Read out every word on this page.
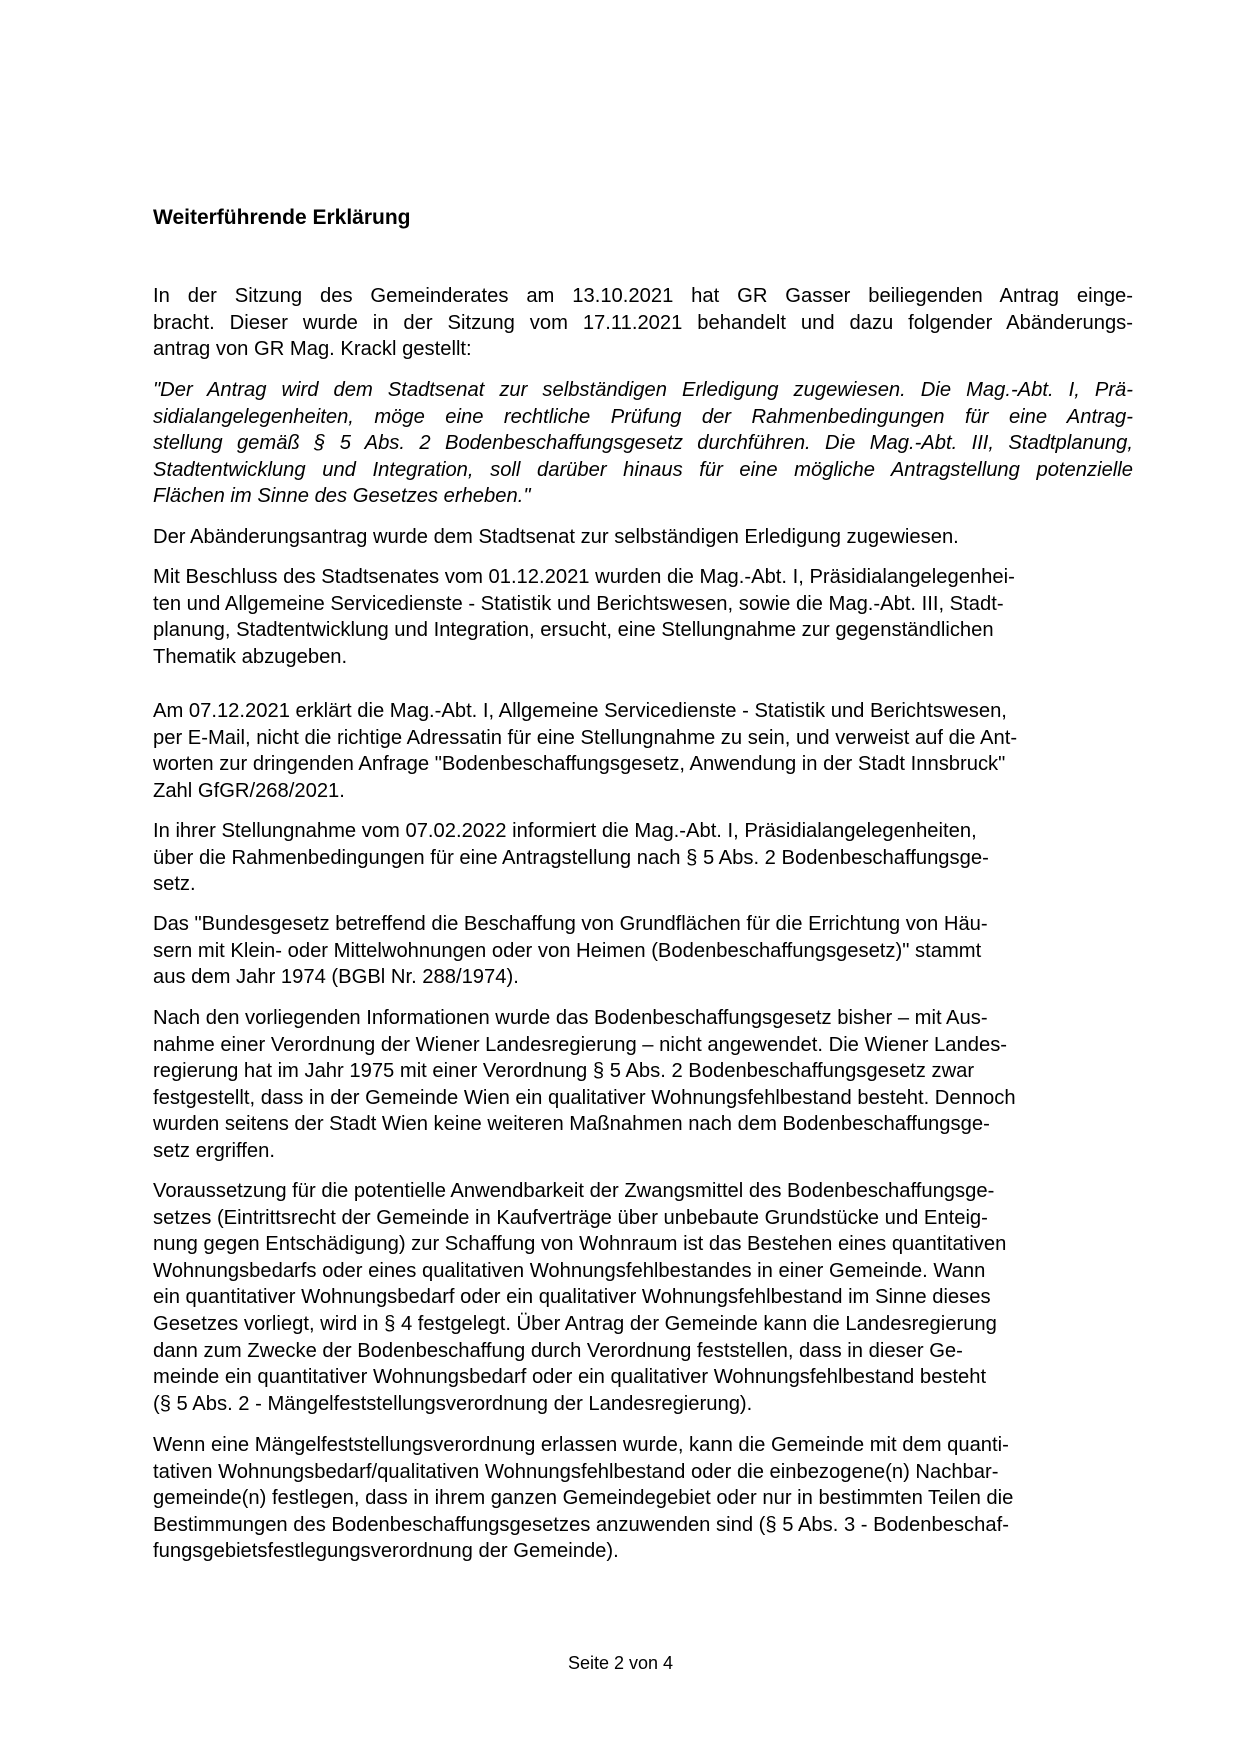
Weiterführende Erklärung
In der Sitzung des Gemeinderates am 13.10.2021 hat GR Gasser beiliegenden Antrag einge-
bracht. Dieser wurde in der Sitzung vom 17.11.2021 behandelt und dazu folgender Abänderungs-
antrag von GR Mag. Krackl gestellt:
"Der Antrag wird dem Stadtsenat zur selbständigen Erledigung zugewiesen. Die Mag.-Abt. I, Prä-
sidialangelegenheiten, möge eine rechtliche Prüfung der Rahmenbedingungen für eine Antrag-
stellung gemäß § 5 Abs. 2 Bodenbeschaffungsgesetz durchführen. Die Mag.-Abt. III, Stadtplanung,
Stadtentwicklung und Integration, soll darüber hinaus für eine mögliche Antragstellung potenzielle
Flächen im Sinne des Gesetzes erheben."
Der Abänderungsantrag wurde dem Stadtsenat zur selbständigen Erledigung zugewiesen.
Mit Beschluss des Stadtsenates vom 01.12.2021 wurden die Mag.-Abt. I, Präsidialangelegenhei-
ten und Allgemeine Servicedienste - Statistik und Berichtswesen, sowie die Mag.-Abt. III, Stadt-
planung, Stadtentwicklung und Integration, ersucht, eine Stellungnahme zur gegenständlichen
Thematik abzugeben.
Am 07.12.2021 erklärt die Mag.-Abt. I, Allgemeine Servicedienste - Statistik und Berichtswesen,
per E-Mail, nicht die richtige Adressatin für eine Stellungnahme zu sein, und verweist auf die Ant-
worten zur dringenden Anfrage "Bodenbeschaffungsgesetz, Anwendung in der Stadt Innsbruck"
Zahl GfGR/268/2021.
In ihrer Stellungnahme vom 07.02.2022 informiert die Mag.-Abt. I, Präsidialangelegenheiten,
über die Rahmenbedingungen für eine Antragstellung nach § 5 Abs. 2 Bodenbeschaffungsge-
setz.
Das "Bundesgesetz betreffend die Beschaffung von Grundflächen für die Errichtung von Häu-
sern mit Klein- oder Mittelwohnungen oder von Heimen (Bodenbeschaffungsgesetz)" stammt
aus dem Jahr 1974 (BGBl Nr. 288/1974).
Nach den vorliegenden Informationen wurde das Bodenbeschaffungsgesetz bisher – mit Aus-
nahme einer Verordnung der Wiener Landesregierung – nicht angewendet. Die Wiener Landes-
regierung hat im Jahr 1975 mit einer Verordnung § 5 Abs. 2 Bodenbeschaffungsgesetz zwar
festgestellt, dass in der Gemeinde Wien ein qualitativer Wohnungsfehlbestand besteht. Dennoch
wurden seitens der Stadt Wien keine weiteren Maßnahmen nach dem Bodenbeschaffungsge-
setz ergriffen.
Voraussetzung für die potentielle Anwendbarkeit der Zwangsmittel des Bodenbeschaffungsge-
setzes (Eintrittsrecht der Gemeinde in Kaufverträge über unbebaute Grundstücke und Enteig-
nung gegen Entschädigung) zur Schaffung von Wohnraum ist das Bestehen eines quantitativen
Wohnungsbedarfs oder eines qualitativen Wohnungsfehlbestandes in einer Gemeinde. Wann
ein quantitativer Wohnungsbedarf oder ein qualitativer Wohnungsfehlbestand im Sinne dieses
Gesetzes vorliegt, wird in § 4 festgelegt. Über Antrag der Gemeinde kann die Landesregierung
dann zum Zwecke der Bodenbeschaffung durch Verordnung feststellen, dass in dieser Ge-
meinde ein quantitativer Wohnungsbedarf oder ein qualitativer Wohnungsfehlbestand besteht
(§ 5 Abs. 2 - Mängelfeststellungsverordnung der Landesregierung).
Wenn eine Mängelfeststellungsverordnung erlassen wurde, kann die Gemeinde mit dem quanti-
tativen Wohnungsbedarf/qualitativen Wohnungsfehlbestand oder die einbezogene(n) Nachbar-
gemeinde(n) festlegen, dass in ihrem ganzen Gemeindegebiet oder nur in bestimmten Teilen die
Bestimmungen des Bodenbeschaffungsgesetzes anzuwenden sind (§ 5 Abs. 3 - Bodenbeschaf-
fungsgebietsfestlegungsverordnung der Gemeinde).
Seite 2 von 4
